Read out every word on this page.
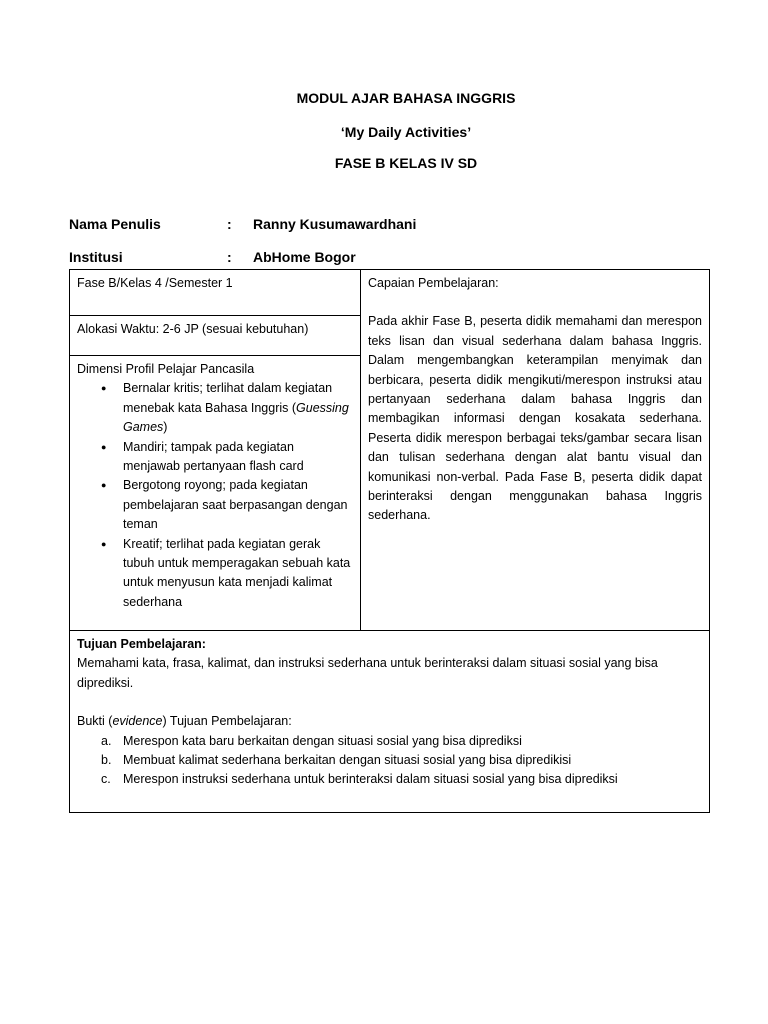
MODUL AJAR BAHASA INGGRIS
‘My Daily Activities’
FASE B KELAS IV SD
Nama Penulis	: Ranny Kusumawardhani
Institusi	: AbHome Bogor
Fase B/Kelas 4 /Semester 1
Alokasi Waktu: 2-6 JP (sesuai kebutuhan)
Dimensi Profil Pelajar Pancasila
● Bernalar kritis; terlihat dalam kegiatan menebak kata Bahasa Inggris (Guessing Games)
● Mandiri; tampak pada kegiatan menjawab pertanyaan flash card
● Bergotong royong; pada kegiatan pembelajaran saat berpasangan dengan teman
● Kreatif; terlihat pada kegiatan gerak tubuh untuk memperagakan sebuah kata untuk menyusun kata menjadi kalimat sederhana
Capaian Pembelajaran:
Pada akhir Fase B, peserta didik memahami dan merespon teks lisan dan visual sederhana dalam bahasa Inggris. Dalam mengembangkan keterampilan menyimak dan berbicara, peserta didik mengikuti/merespon instruksi atau pertanyaan sederhana dalam bahasa Inggris dan membagikan informasi dengan kosakata sederhana. Peserta didik merespon berbagai teks/gambar secara lisan dan tulisan sederhana dengan alat bantu visual dan komunikasi non-verbal. Pada Fase B, peserta didik dapat berinteraksi dengan menggunakan bahasa Inggris sederhana.
Tujuan Pembelajaran:
Memahami kata, frasa, kalimat, dan instruksi sederhana untuk berinteraksi dalam situasi sosial yang bisa diprediksi.
Bukti (evidence) Tujuan Pembelajaran:
a. Merespon kata baru berkaitan dengan situasi sosial yang bisa diprediksi
b. Membuat kalimat sederhana berkaitan dengan situasi sosial yang bisa dipredikisi
c. Merespon instruksi sederhana untuk berinteraksi dalam situasi sosial yang bisa diprediksi
